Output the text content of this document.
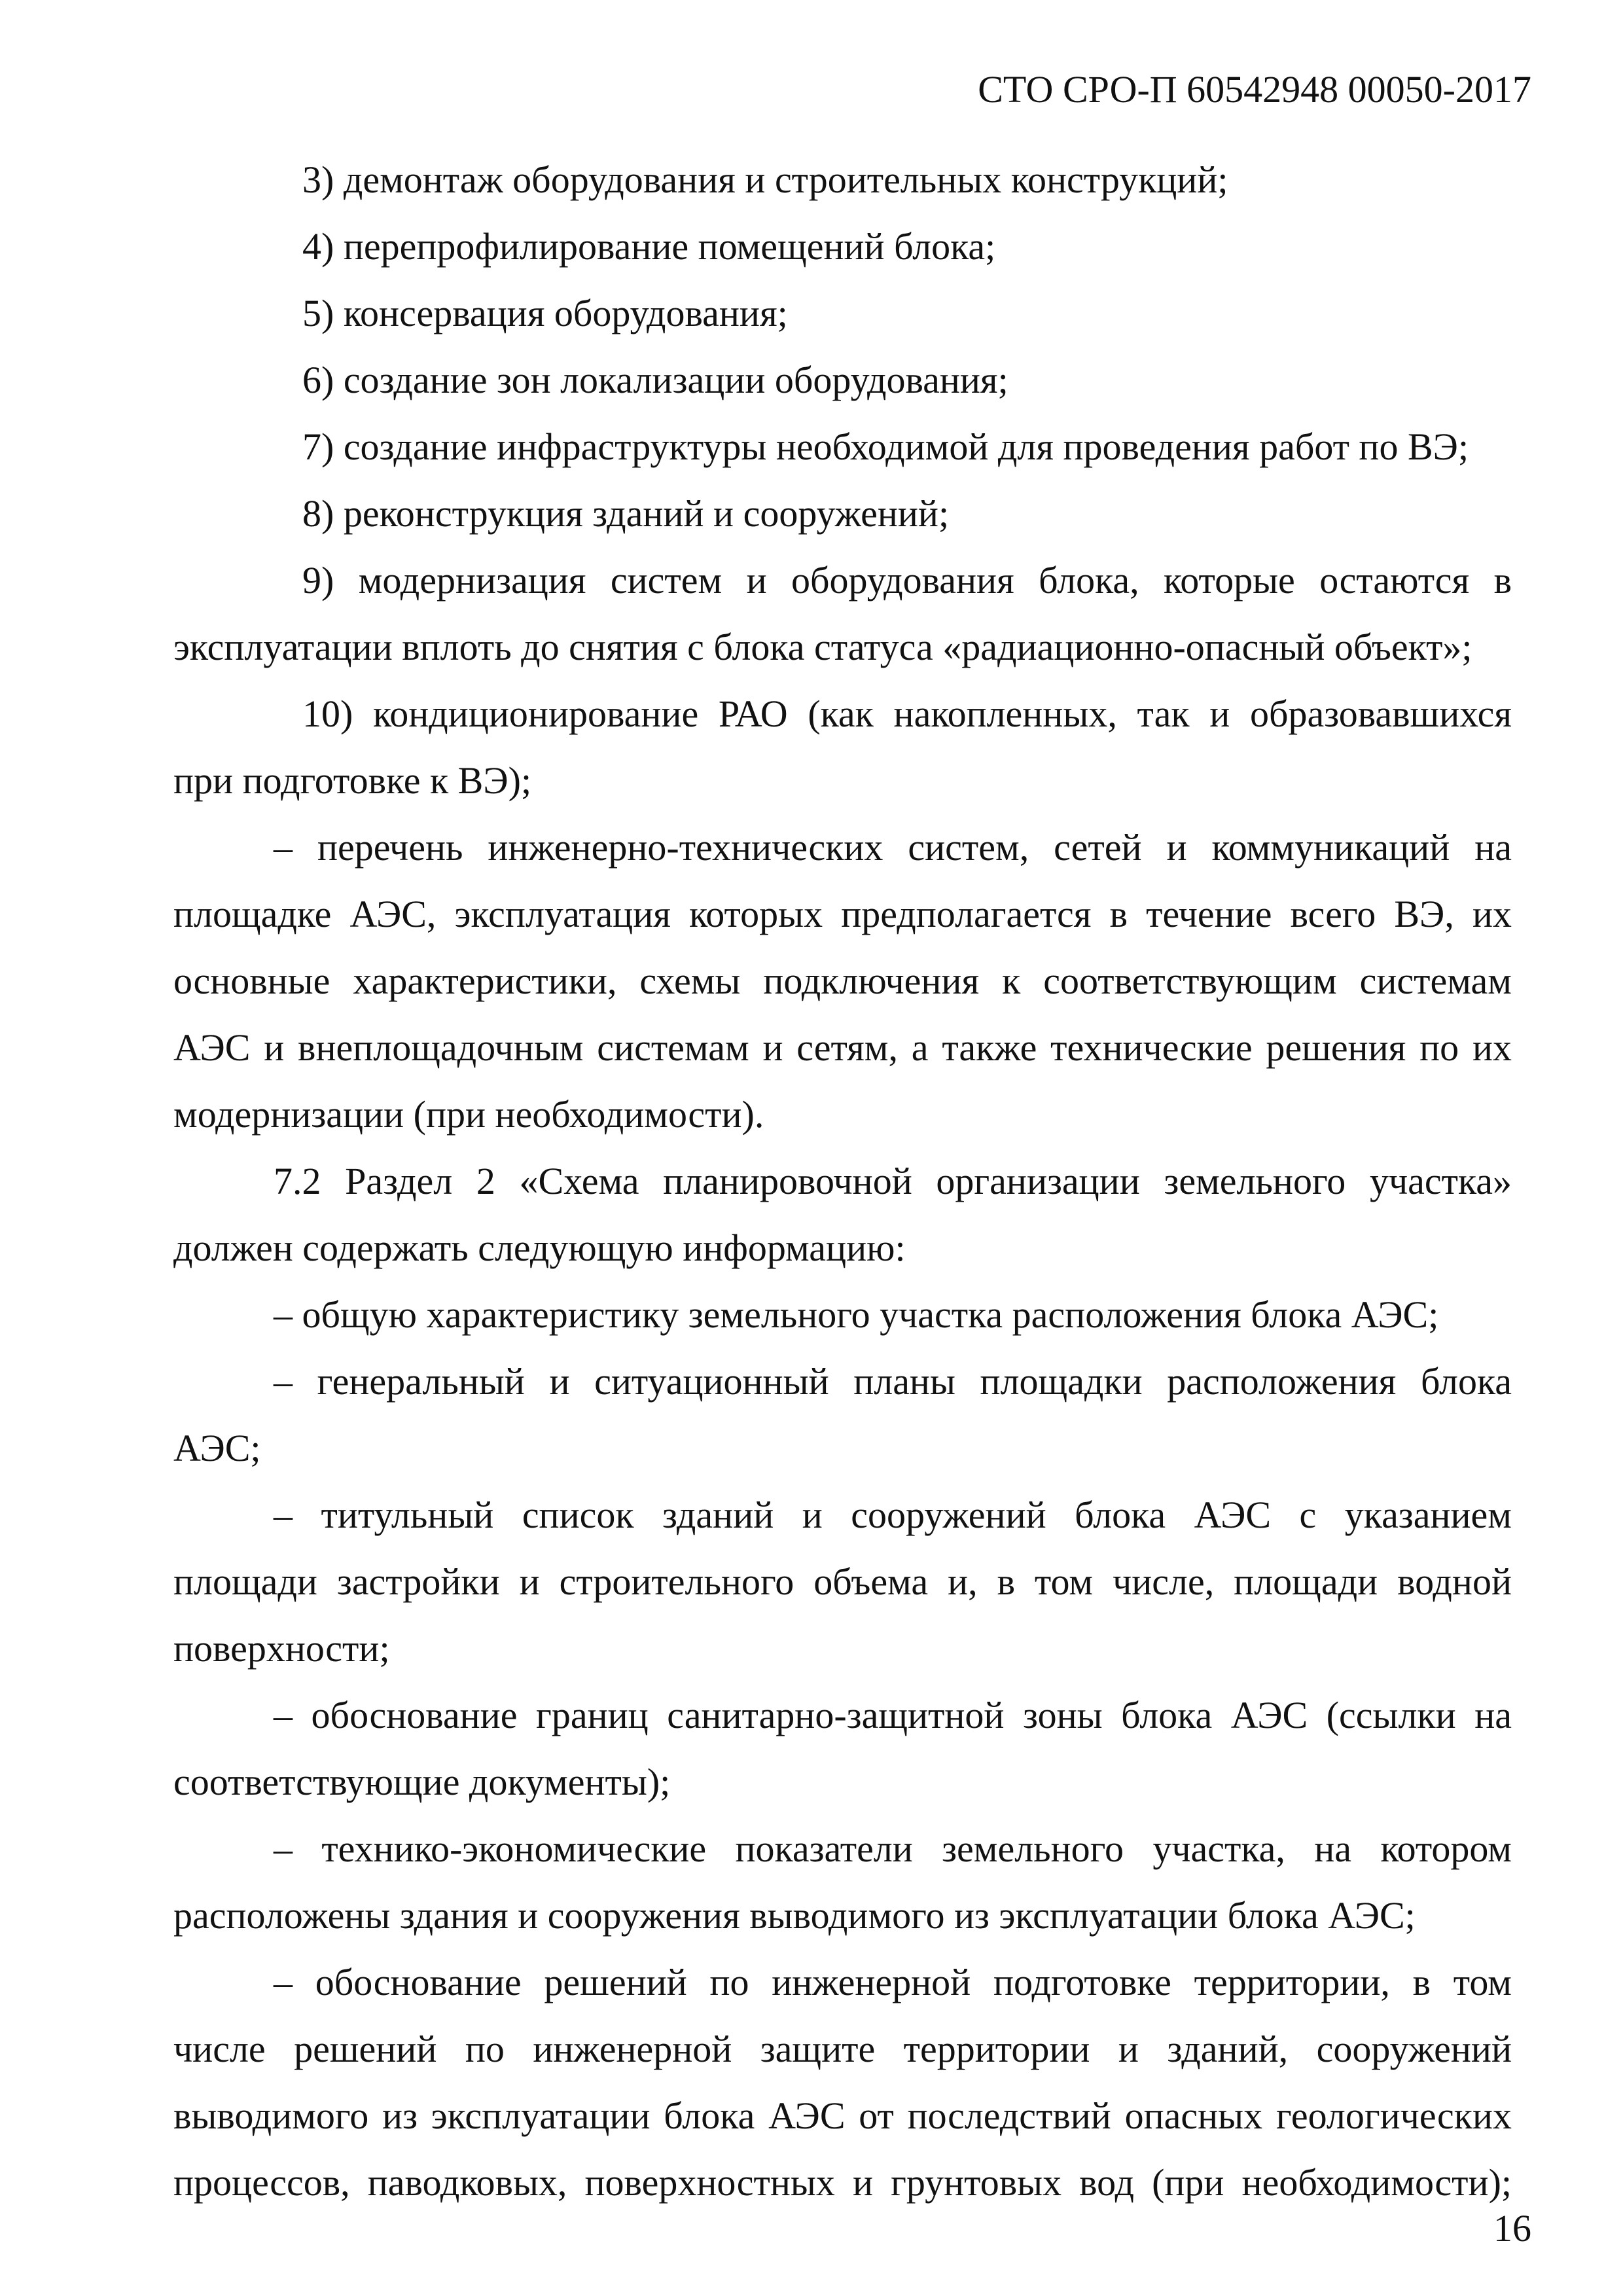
СТО СРО-П 60542948 00050-2017
3) демонтаж оборудования и строительных конструкций;
4) перепрофилирование помещений блока;
5) консервация оборудования;
6) создание зон локализации оборудования;
7) создание инфраструктуры необходимой для проведения работ по ВЭ;
8) реконструкция зданий и сооружений;
9) модернизация систем и оборудования блока, которые остаются в
эксплуатации вплоть до снятия с блока статуса «радиационно-опасный объект»;
10) кондиционирование РАО (как накопленных, так и образовавшихся
при подготовке к ВЭ);
– перечень инженерно-технических систем, сетей и коммуникаций на
площадке АЭС, эксплуатация которых предполагается в течение всего ВЭ, их
основные характеристики, схемы подключения к соответствующим системам
АЭС и внеплощадочным системам и сетям, а также технические решения по их
модернизации (при необходимости).
7.2 Раздел 2 «Схема планировочной организации земельного участка»
должен содержать следующую информацию:
– общую характеристику земельного участка расположения блока АЭС;
– генеральный и ситуационный планы площадки расположения блока
АЭС;
– титульный список зданий и сооружений блока АЭС с указанием
площади застройки и строительного объема и, в том числе, площади водной
поверхности;
– обоснование границ санитарно-защитной зоны блока АЭС (ссылки на
соответствующие документы);
– технико-экономические показатели земельного участка, на котором
расположены здания и сооружения выводимого из эксплуатации блока АЭС;
– обоснование решений по инженерной подготовке территории, в том
числе решений по инженерной защите территории и зданий, сооружений
выводимого из эксплуатации блока АЭС от последствий опасных геологических
процессов, паводковых, поверхностных и грунтовых вод (при необходимости);
16
